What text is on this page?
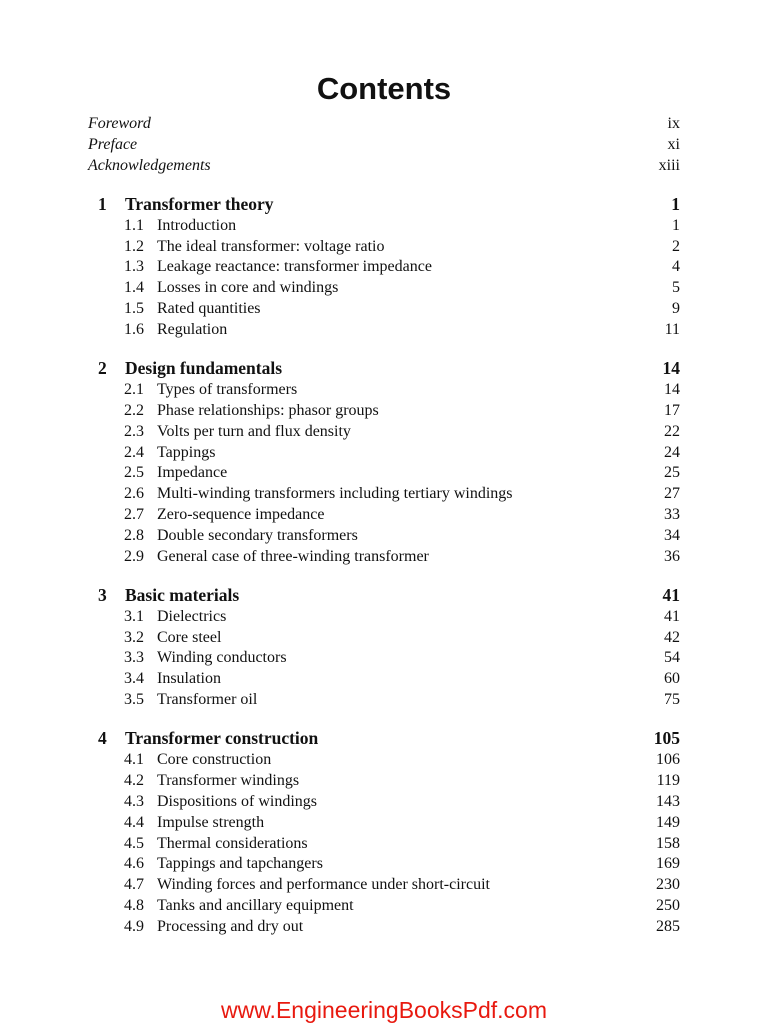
Contents
Foreword	ix
Preface	xi
Acknowledgements	xiii
1 Transformer theory	1
1.1 Introduction	1
1.2 The ideal transformer: voltage ratio	2
1.3 Leakage reactance: transformer impedance	4
1.4 Losses in core and windings	5
1.5 Rated quantities	9
1.6 Regulation	11
2 Design fundamentals	14
2.1 Types of transformers	14
2.2 Phase relationships: phasor groups	17
2.3 Volts per turn and flux density	22
2.4 Tappings	24
2.5 Impedance	25
2.6 Multi-winding transformers including tertiary windings	27
2.7 Zero-sequence impedance	33
2.8 Double secondary transformers	34
2.9 General case of three-winding transformer	36
3 Basic materials	41
3.1 Dielectrics	41
3.2 Core steel	42
3.3 Winding conductors	54
3.4 Insulation	60
3.5 Transformer oil	75
4 Transformer construction	105
4.1 Core construction	106
4.2 Transformer windings	119
4.3 Dispositions of windings	143
4.4 Impulse strength	149
4.5 Thermal considerations	158
4.6 Tappings and tapchangers	169
4.7 Winding forces and performance under short-circuit	230
4.8 Tanks and ancillary equipment	250
4.9 Processing and dry out	285
www.EngineeringBooksPdf.com
